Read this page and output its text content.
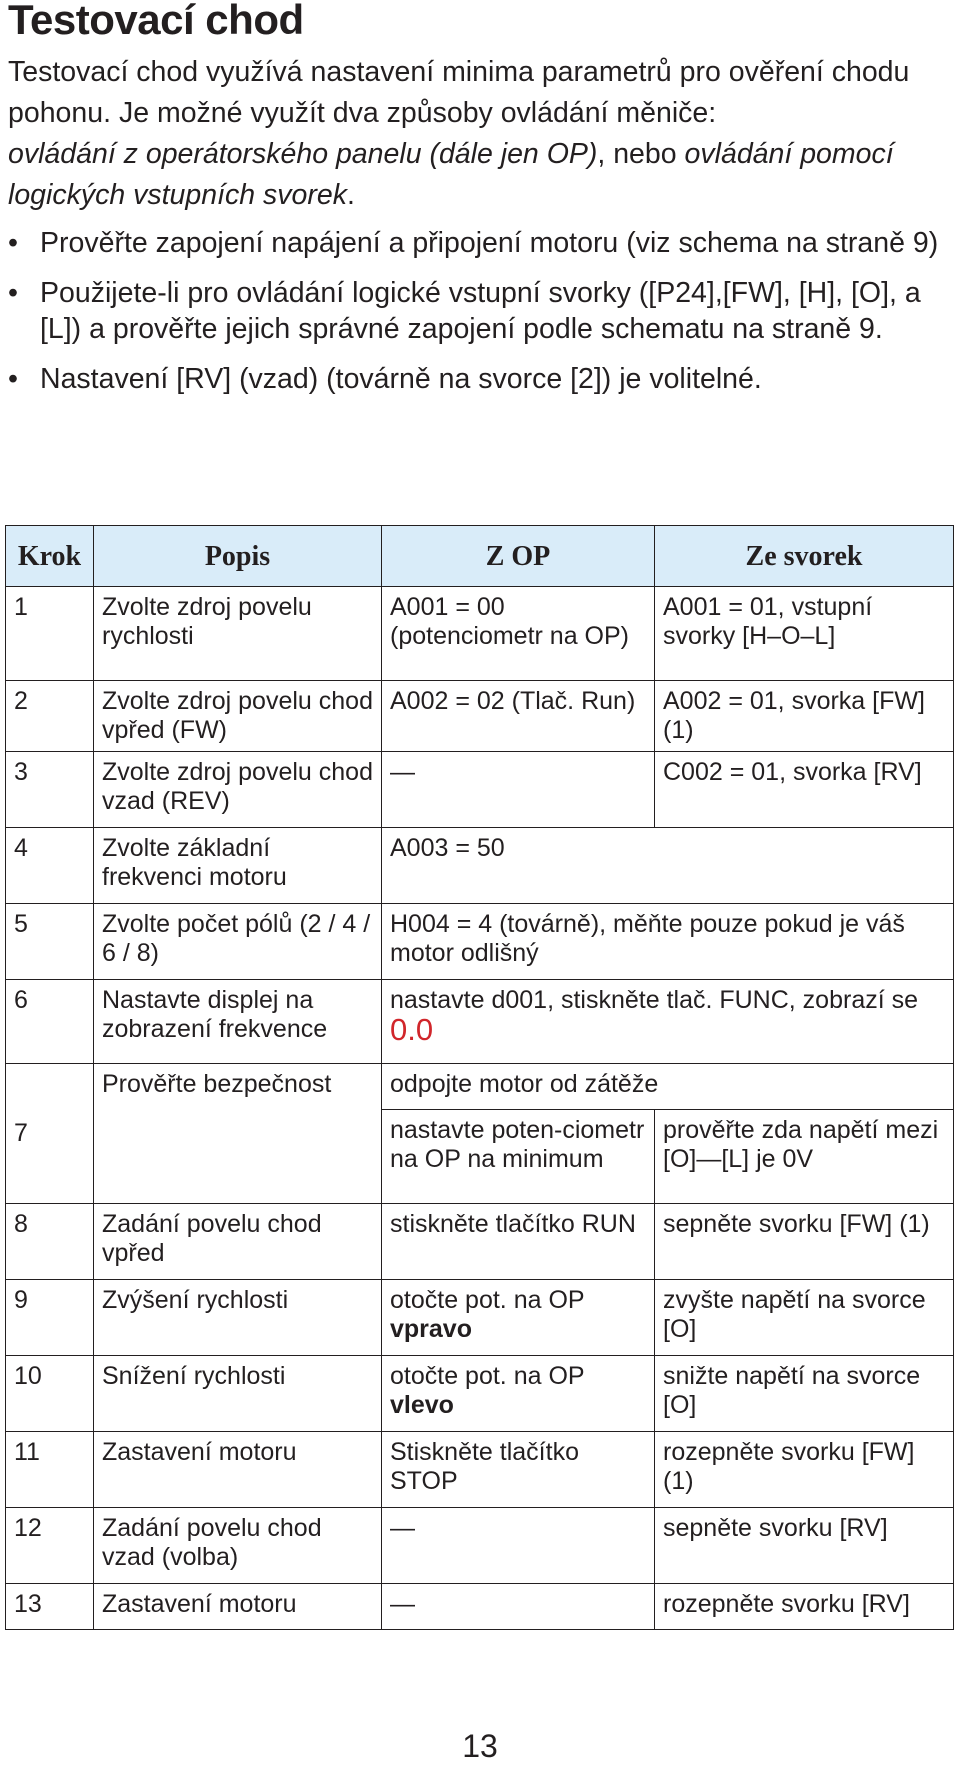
Testovací chod

Testovací chod využívá nastavení minima parametrů pro ověření chodu pohonu. Je možné využít dva způsoby ovládání měniče:
ovládání z operátorského panelu (dále jen OP), nebo ovládání pomocí logických vstupních svorek.

• Prověřte zapojení napájení a připojení motoru (viz schema na straně 9)
• Použijete-li pro ovládání logické vstupní svorky ([P24],[FW], [H], [O], a [L]) a prověřte jejich správné zapojení podle schematu na straně 9.
• Nastavení [RV] (vzad) (továrně na svorce [2]) je volitelné.
Krok	Popis	Z OP	Ze svorek
1	Zvolte zdroj povelu rychlosti	A001 = 00 (potenciometr na OP)	A001 = 01, vstupní svorky [H–O–L]
2	Zvolte zdroj povelu chod vpřed (FW)	A002 = 02 (Tlač. Run)	A002 = 01, svorka [FW] (1)
3	Zvolte zdroj povelu chod vzad (REV)	—	C002 = 01, svorka [RV]
4	Zvolte základní frekvenci motoru	A003 = 50	
5	Zvolte počet pólů (2 / 4 / 6 / 8)	H004 = 4 (továrně), měňte pouze pokud je váš motor odlišný	
6	Nastavte displej na zobrazení frekvence	nastavte d001, stiskněte tlač. FUNC, zobrazí se 0.0	
7	Prověřte bezpečnost	odpojte motor od zátěže	
		nastavte poten-ciometr na OP na minimum	prověřte zda napětí mezi [O]—[L] je 0V
8	Zadání povelu chod vpřed	stiskněte tlačítko RUN	sepněte svorku [FW] (1)
9	Zvýšení rychlosti	otočte pot. na OP vpravo	zvyšte napětí na svorce [O]
10	Snížení rychlosti	otočte pot. na OP vlevo	snižte napětí na svorce [O]
11	Zastavení motoru	Stiskněte tlačítko STOP	rozepněte svorku [FW] (1)
12	Zadání povelu chod vzad (volba)	—	sepněte svorku [RV]
13	Zastavení motoru	—	rozepněte svorku [RV]
13
